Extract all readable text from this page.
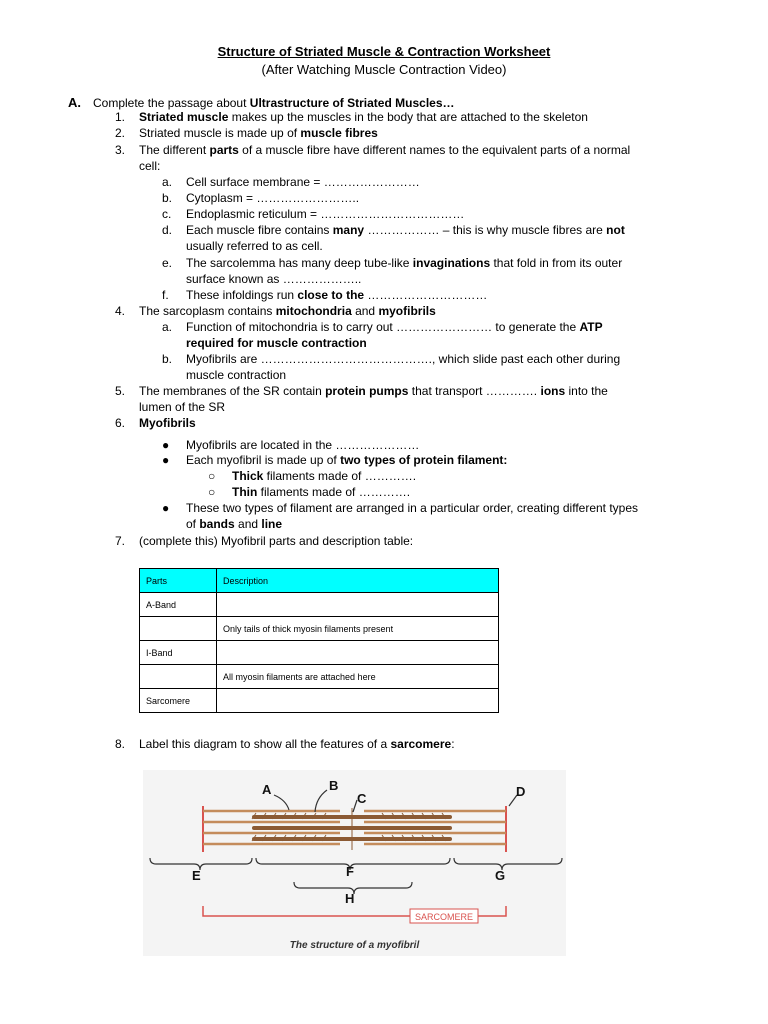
Structure of Striated Muscle & Contraction Worksheet
(After Watching Muscle Contraction Video)
A. Complete the passage about Ultrastructure of Striated Muscles…
1. Striated muscle makes up the muscles in the body that are attached to the skeleton
2. Striated muscle is made up of muscle fibres
3. The different parts of a muscle fibre have different names to the equivalent parts of a normal
cell:
a. Cell surface membrane = ……………………
b. Cytoplasm = ……………………..
c. Endoplasmic reticulum = ………………………………
d. Each muscle fibre contains many ……………… – this is why muscle fibres are not
usually referred to as cell.
e. The sarcolemma has many deep tube-like invaginations that fold in from its outer
surface known as ………………..
f. These infoldings run close to the …………………………
4. The sarcoplasm contains mitochondria and myofibrils
a. Function of mitochondria is to carry out …………………… to generate the ATP
required for muscle contraction
b. Myofibrils are ……………………………………., which slide past each other during
muscle contraction
5. The membranes of the SR contain protein pumps that transport …………. ions into the
lumen of the SR
6. Myofibrils
● Myofibrils are located in the …………………
● Each myofibril is made up of two types of protein filament:
○ Thick filaments made of ………….
○ Thin filaments made of ………….
● These two types of filament are arranged in a particular order, creating different types
of bands and line
7. (complete this) Myofibril parts and description table:
Parts	Description
A-Band	
	Only tails of thick myosin filaments present
I-Band	
	All myosin filaments are attached here
Sarcomere	
8. Label this diagram to show all the features of a sarcomere:
SARCOMERE
A	B
C	D
E	F	G
H
The structure of a myofibril
